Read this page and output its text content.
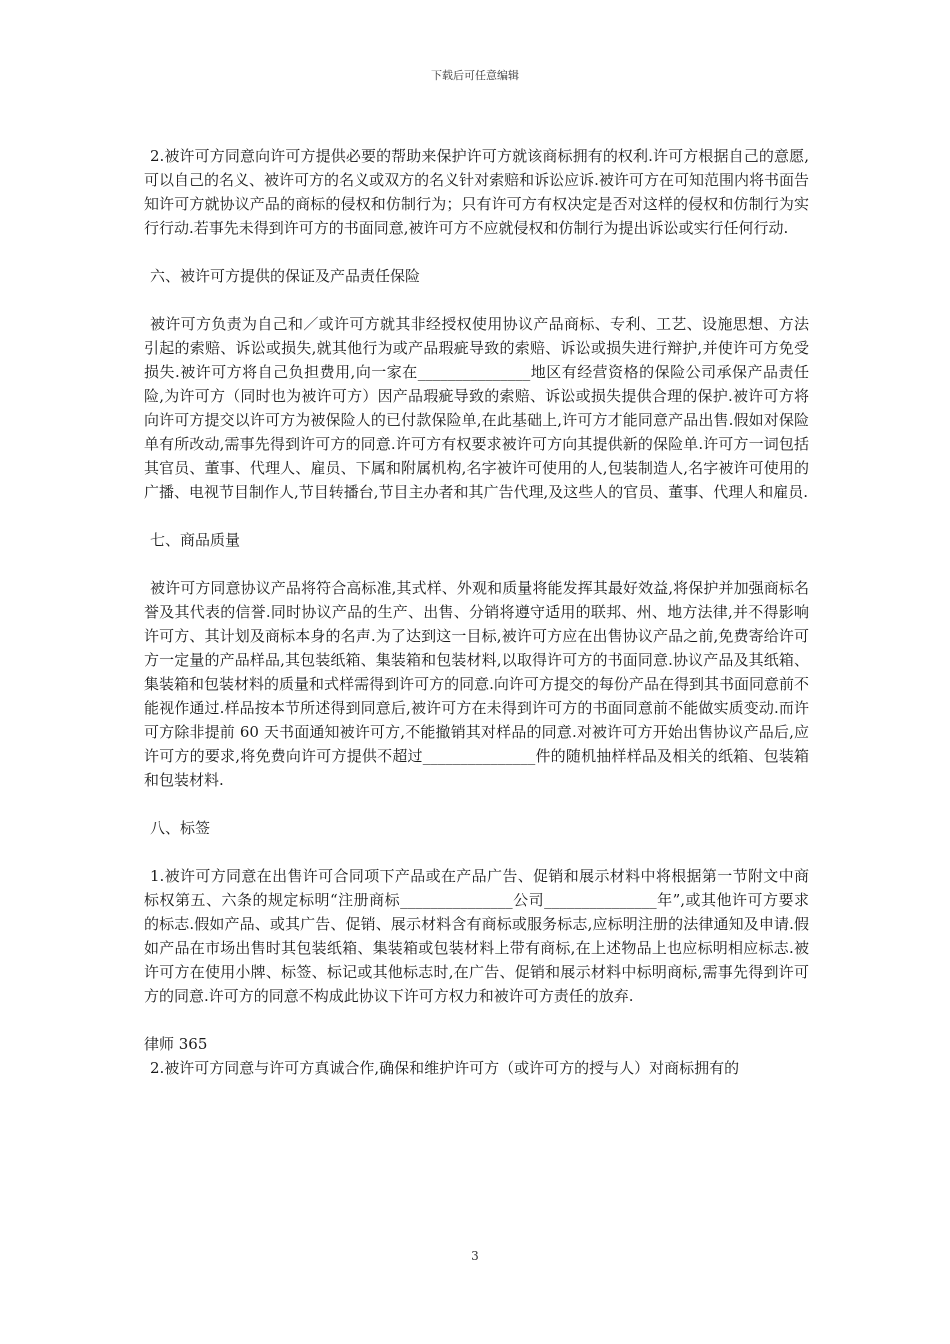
下载后可任意编辑

2.被许可方同意向许可方提供必要的帮助来保护许可方就该商标拥有的权利.许可方根据自己的意愿,可以自己的名义、被许可方的名义或双方的名义针对索赔和诉讼应诉.被许可方在可知范围内将书面告知许可方就协议产品的商标的侵权和仿制行为；只有许可方有权决定是否对这样的侵权和仿制行为实行行动.若事先未得到许可方的书面同意,被许可方不应就侵权和仿制行为提出诉讼或实行任何行动.

六、被许可方提供的保证及产品责任保险

被许可方负责为自己和／或许可方就其非经授权使用协议产品商标、专利、工艺、设施思想、方法引起的索赔、诉讼或损失,就其他行为或产品瑕疵导致的索赔、诉讼或损失进行辩护,并使许可方免受损失.被许可方将自己负担费用,向一家在_______________地区有经营资格的保险公司承保产品责任险,为许可方（同时也为被许可方）因产品瑕疵导致的索赔、诉讼或损失提供合理的保护.被许可方将向许可方提交以许可方为被保险人的已付款保险单,在此基础上,许可方才能同意产品出售.假如对保险单有所改动,需事先得到许可方的同意.许可方有权要求被许可方向其提供新的保险单.许可方一词包括其官员、董事、代理人、雇员、下属和附属机构,名字被许可使用的人,包装制造人,名字被许可使用的广播、电视节目制作人,节目转播台,节目主办者和其广告代理,及这些人的官员、董事、代理人和雇员.

七、商品质量

被许可方同意协议产品将符合高标准,其式样、外观和质量将能发挥其最好效益,将保护并加强商标名誉及其代表的信誉.同时协议产品的生产、出售、分销将遵守适用的联邦、州、地方法律,并不得影响许可方、其计划及商标本身的名声.为了达到这一目标,被许可方应在出售协议产品之前,免费寄给许可方一定量的产品样品,其包装纸箱、集装箱和包装材料,以取得许可方的书面同意.协议产品及其纸箱、集装箱和包装材料的质量和式样需得到许可方的同意.向许可方提交的每份产品在得到其书面同意前不能视作通过.样品按本节所述得到同意后,被许可方在未得到许可方的书面同意前不能做实质变动.而许可方除非提前 60 天书面通知被许可方,不能撤销其对样品的同意.对被许可方开始出售协议产品后,应许可方的要求,将免费向许可方提供不超过_______________件的随机抽样样品及相关的纸箱、包装箱和包装材料.

八、标签

1.被许可方同意在出售许可合同项下产品或在产品广告、促销和展示材料中将根据第一节附文中商标权第五、六条的规定标明“注册商标_______________公司_______________年”,或其他许可方要求的标志.假如产品、或其广告、促销、展示材料含有商标或服务标志,应标明注册的法律通知及申请.假如产品在市场出售时其包装纸箱、集装箱或包装材料上带有商标,在上述物品上也应标明相应标志.被许可方在使用小牌、标签、标记或其他标志时,在广告、促销和展示材料中标明商标,需事先得到许可方的同意.许可方的同意不构成此协议下许可方权力和被许可方责任的放弃.

律师 365

2.被许可方同意与许可方真诚合作,确保和维护许可方（或许可方的授与人）对商标拥有的

3
